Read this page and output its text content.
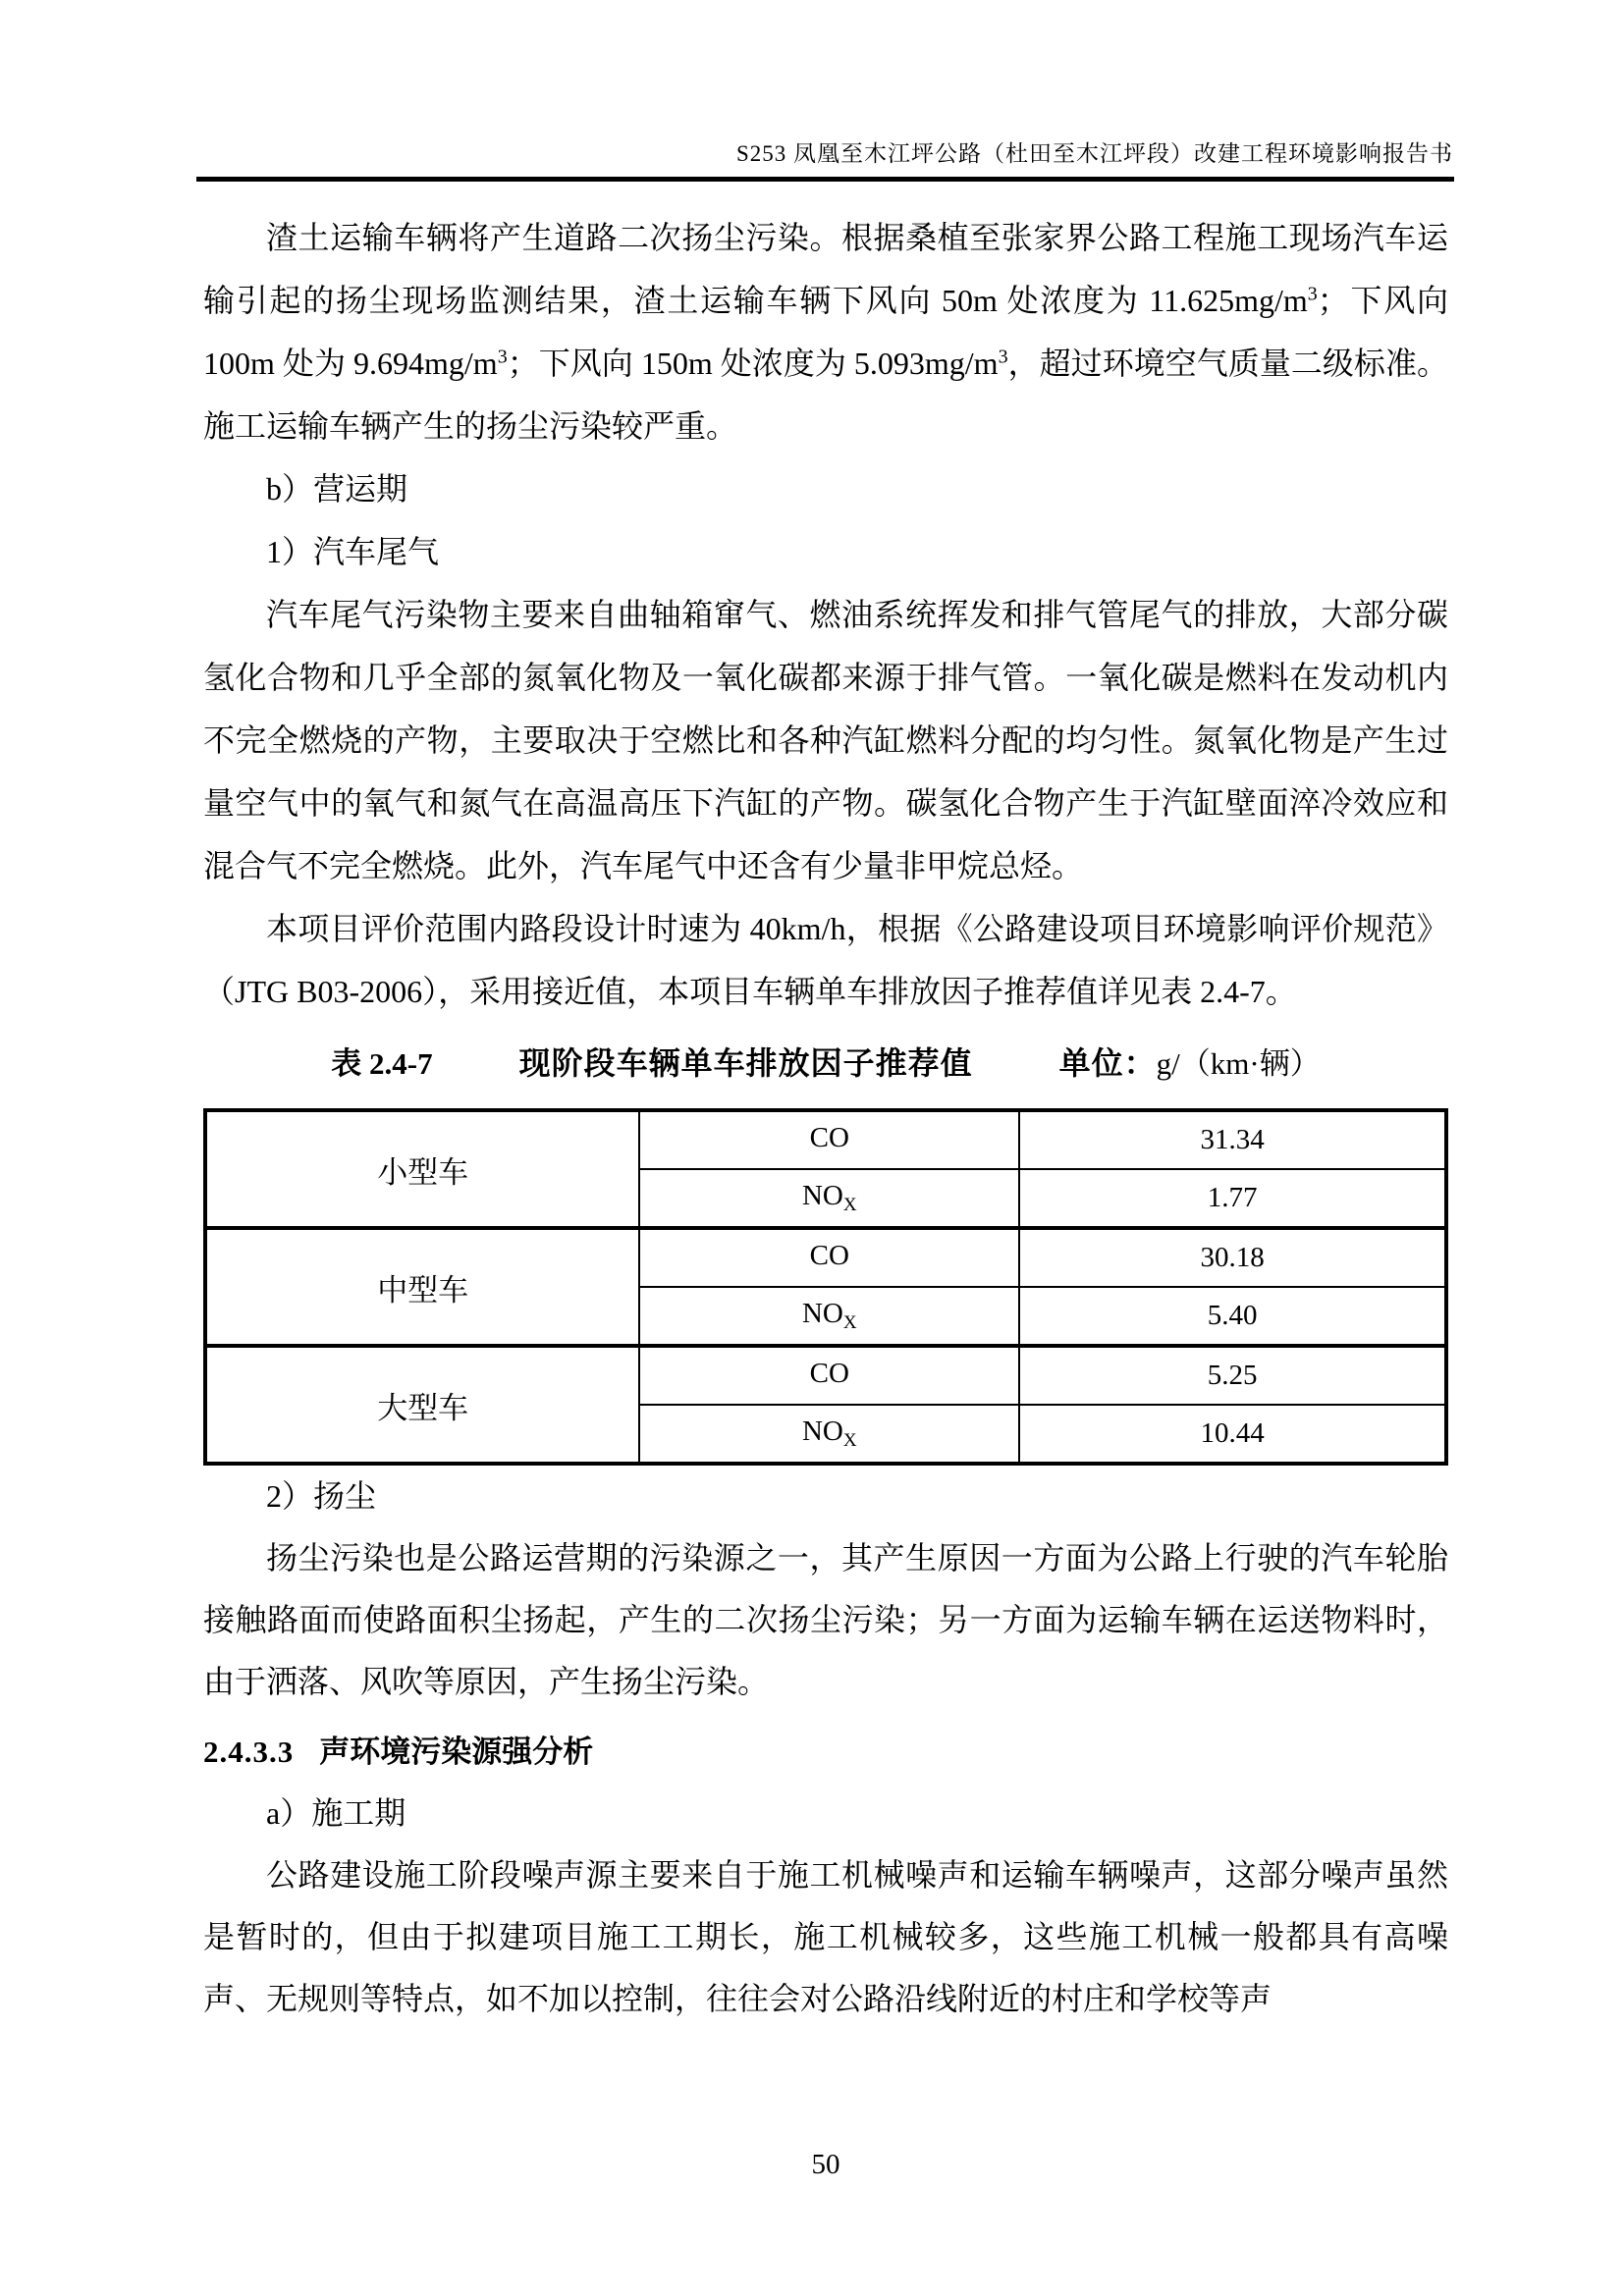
S253 凤凰至木江坪公路（杜田至木江坪段）改建工程环境影响报告书

渣土运输车辆将产生道路二次扬尘污染。根据桑植至张家界公路工程施工现场汽车运输引起的扬尘现场监测结果，渣土运输车辆下风向 50m 处浓度为 $11.625mg/m^3$；下风向 100m 处为 $9.694mg/m^3$；下风向 150m 处浓度为 $5.093mg/m^3$，超过环境空气质量二级标准。施工运输车辆产生的扬尘污染较严重。

b）营运期

1）汽车尾气

汽车尾气污染物主要来自曲轴箱窜气、燃油系统挥发和排气管尾气的排放，大部分碳氢化合物和几乎全部的氮氧化物及一氧化碳都来源于排气管。一氧化碳是燃料在发动机内不完全燃烧的产物，主要取决于空燃比和各种汽缸燃料分配的均匀性。氮氧化物是产生过量空气中的氧气和氮气在高温高压下汽缸的产物。碳氢化合物产生于汽缸壁面淬冷效应和混合气不完全燃烧。此外，汽车尾气中还含有少量非甲烷总烃。

本项目评价范围内路段设计时速为 40km/h，根据《公路建设项目环境影响评价规范》（JTG B03-2006），采用接近值，本项目车辆单车排放因子推荐值详见表 2.4-7。

表 2.4-7	现阶段车辆单车排放因子推荐值	单位： g/（km·辆）
小型车	CO	31.34
	$NO_X$	1.77
中型车	CO	30.18
	$NO_X$	5.40
大型车	CO	5.25
	$NO_X$	10.44

2）扬尘

扬尘污染也是公路运营期的污染源之一，其产生原因一方面为公路上行驶的汽车轮胎接触路面而使路面积尘扬起，产生的二次扬尘污染；另一方面为运输车辆在运送物料时，由于洒落、风吹等原因，产生扬尘污染。

2.4.3.3 声环境污染源强分析

a）施工期

公路建设施工阶段噪声源主要来自于施工机械噪声和运输车辆噪声，这部分噪声虽然是暂时的，但由于拟建项目施工工期长，施工机械较多，这些施工机械一般都具有高噪声、无规则等特点，如不加以控制，往往会对公路沿线附近的村庄和学校等声

50
